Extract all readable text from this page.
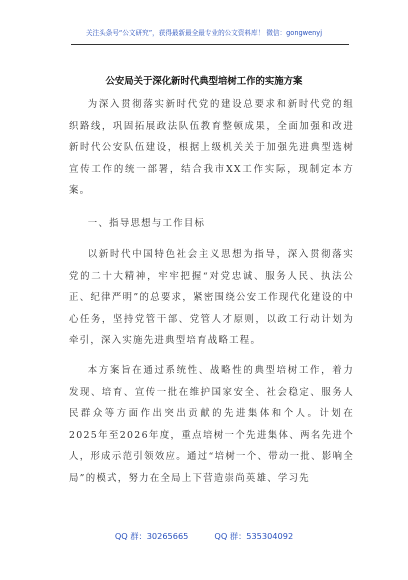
关注头条号“公文研究”，获得最新最全最专业的公文资料库！ 微信：gongwenyj
公安局关于深化新时代典型培树工作的实施方案
为深入贯彻落实新时代党的建设总要求和新时代党的组织路线，巩固拓展政法队伍教育整顿成果，全面加强和改进新时代公安队伍建设，根据上级机关关于加强先进典型选树宣传工作的统一部署，结合我市XX工作实际，现制定本方案。
一、指导思想与工作目标
以新时代中国特色社会主义思想为指导，深入贯彻落实党的二十大精神，牢牢把握“对党忠诚、服务人民、执法公正、纪律严明”的总要求，紧密围绕公安工作现代化建设的中心任务，坚持党管干部、党管人才原则，以政工行动计划为牵引，深入实施先进典型培育战略工程。
本方案旨在通过系统性、战略性的典型培树工作，着力发现、培育、宣传一批在维护国家安全、社会稳定、服务人民群众等方面作出突出贡献的先进集体和个人。计划在2025年至2026年度，重点培树一个先进集体、两名先进个人，形成示范引领效应。通过“培树一个、带动一批、影响全局”的模式，努力在全局上下营造崇尚英雄、学习先
QQ 群：30265665	QQ 群：535304092
